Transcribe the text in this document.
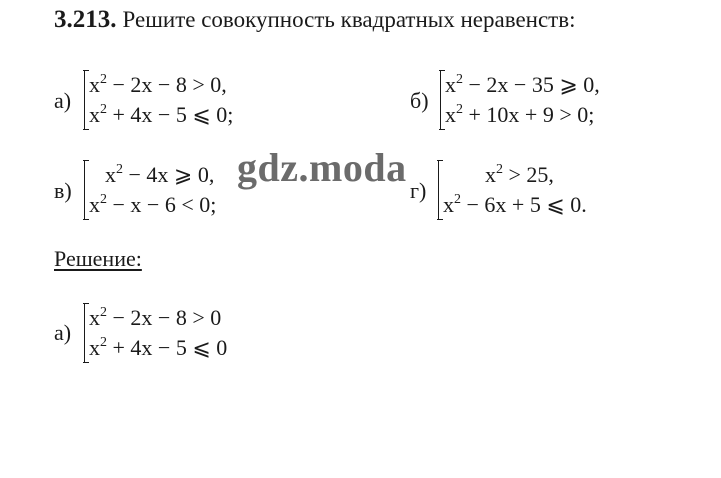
3.213. Решите совокупность квадратных неравенств:
а)
$x^2 - 2x - 8 > 0$,
$x^2 + 4x - 5$ ⩽ 0;
б)
$x^2 - 2x - 35$ ⩾ 0,
$x^2 + 10x + 9 > 0$;
в)
$x^2 - 4x$ ⩾ 0,
$x^2 - x - 6 < 0$;
г)
$x^2 > 25$,
$x^2 - 6x + 5$ ⩽ 0.
gdz.moda
Решение:
а)
$x^2 - 2x - 8 > 0$
$x^2 + 4x - 5$ ⩽ 0
